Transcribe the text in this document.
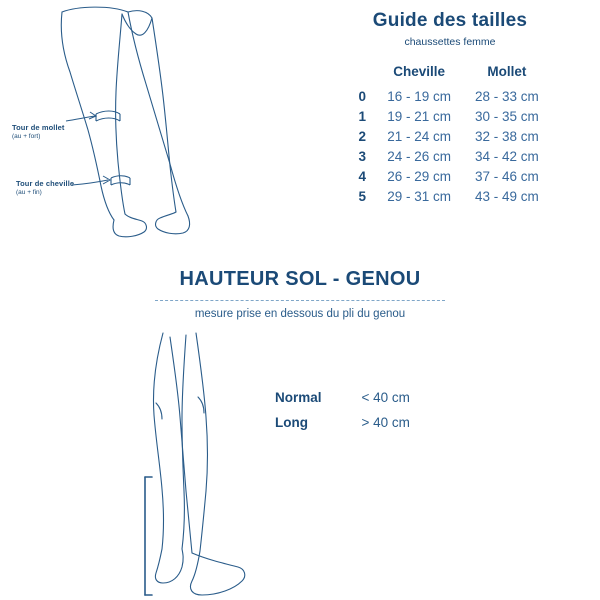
Tour de mollet
(au + fort)
Tour de cheville
(au + fin)
Guide des tailles
chaussettes femme
	Cheville	Mollet
0	16 - 19 cm	28 - 33 cm
1	19 - 21 cm	30 - 35 cm
2	21 - 24 cm	32 - 38 cm
3	24 - 26 cm	34 - 42 cm
4	26 - 29 cm	37 - 46 cm
5	29 - 31 cm	43 - 49 cm
HAUTEUR SOL - GENOU
mesure prise en dessous du pli du genou
Normal	< 40 cm
Long	> 40 cm
